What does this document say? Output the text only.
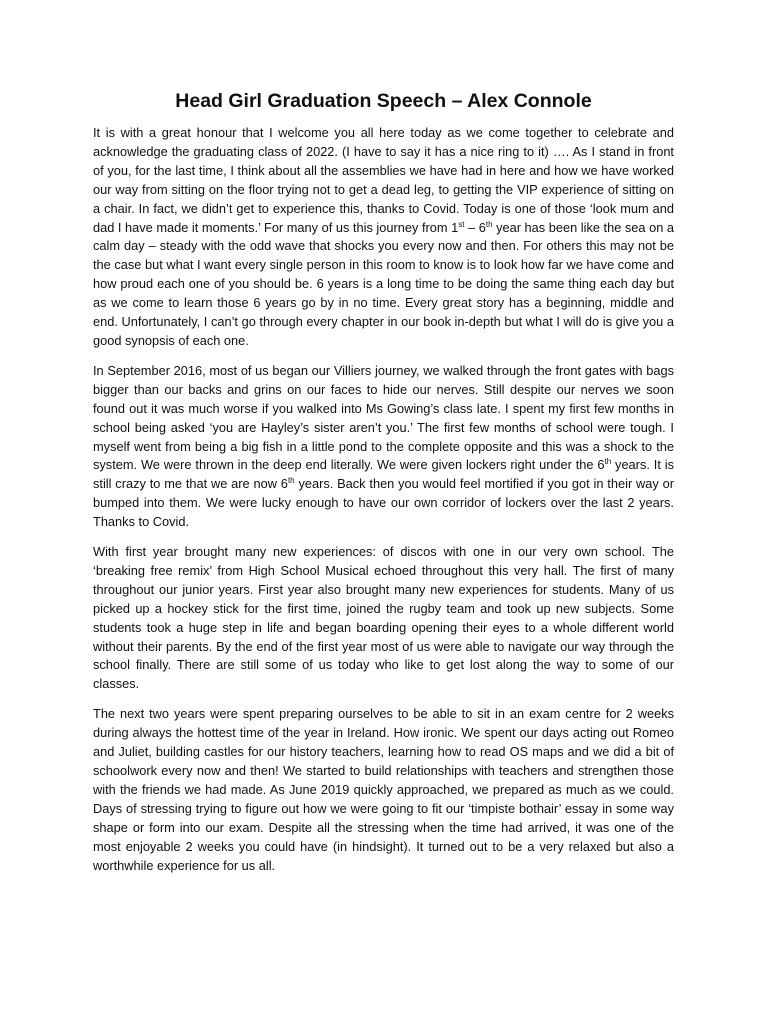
Head Girl Graduation Speech – Alex Connole

It is with a great honour that I welcome you all here today as we come together to celebrate and acknowledge the graduating class of 2022. (I have to say it has a nice ring to it) …. As I stand in front of you, for the last time, I think about all the assemblies we have had in here and how we have worked our way from sitting on the floor trying not to get a dead leg, to getting the VIP experience of sitting on a chair. In fact, we didn’t get to experience this, thanks to Covid. Today is one of those ‘look mum and dad I have made it moments.’ For many of us this journey from 1st – 6th year has been like the sea on a calm day – steady with the odd wave that shocks you every now and then. For others this may not be the case but what I want every single person in this room to know is to look how far we have come and how proud each one of you should be. 6 years is a long time to be doing the same thing each day but as we come to learn those 6 years go by in no time. Every great story has a beginning, middle and end. Unfortunately, I can’t go through every chapter in our book in-depth but what I will do is give you a good synopsis of each one.

In September 2016, most of us began our Villiers journey, we walked through the front gates with bags bigger than our backs and grins on our faces to hide our nerves. Still despite our nerves we soon found out it was much worse if you walked into Ms Gowing’s class late. I spent my first few months in school being asked ‘you are Hayley’s sister aren’t you.’ The first few months of school were tough. I myself went from being a big fish in a little pond to the complete opposite and this was a shock to the system. We were thrown in the deep end literally. We were given lockers right under the 6th years. It is still crazy to me that we are now 6th years. Back then you would feel mortified if you got in their way or bumped into them. We were lucky enough to have our own corridor of lockers over the last 2 years. Thanks to Covid.

With first year brought many new experiences: of discos with one in our very own school. The ‘breaking free remix’ from High School Musical echoed throughout this very hall. The first of many throughout our junior years. First year also brought many new experiences for students. Many of us picked up a hockey stick for the first time, joined the rugby team and took up new subjects. Some students took a huge step in life and began boarding opening their eyes to a whole different world without their parents. By the end of the first year most of us were able to navigate our way through the school finally. There are still some of us today who like to get lost along the way to some of our classes.

The next two years were spent preparing ourselves to be able to sit in an exam centre for 2 weeks during always the hottest time of the year in Ireland. How ironic. We spent our days acting out Romeo and Juliet, building castles for our history teachers, learning how to read OS maps and we did a bit of schoolwork every now and then! We started to build relationships with teachers and strengthen those with the friends we had made. As June 2019 quickly approached, we prepared as much as we could. Days of stressing trying to figure out how we were going to fit our ‘timpiste bothair’ essay in some way shape or form into our exam. Despite all the stressing when the time had arrived, it was one of the most enjoyable 2 weeks you could have (in hindsight). It turned out to be a very relaxed but also a worthwhile experience for us all.
